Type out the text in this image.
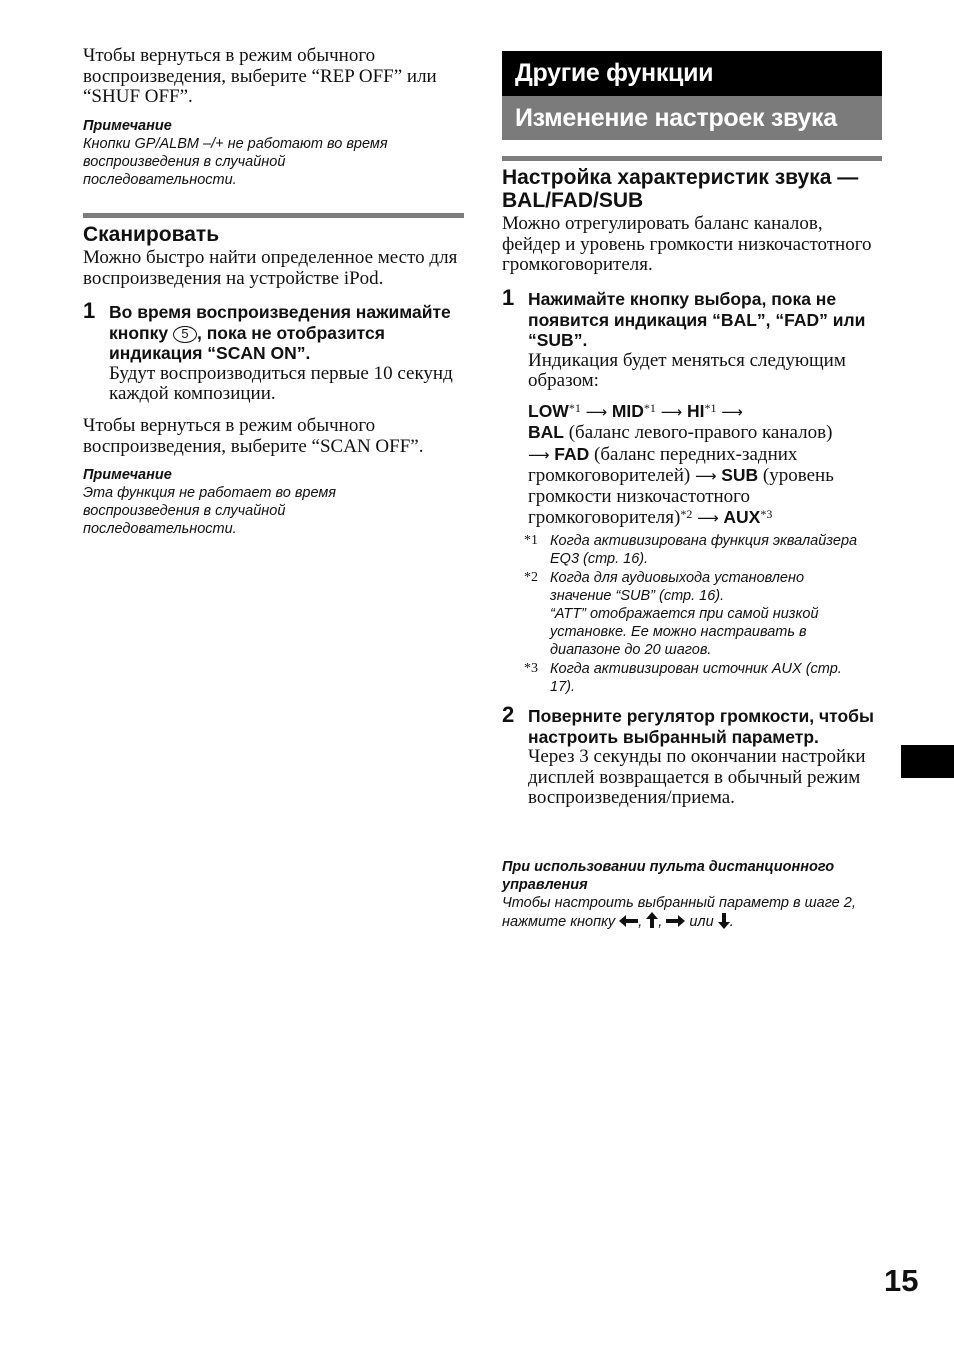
Чтобы вернуться в режим обычного воспроизведения, выберите “REP OFF” или “SHUF OFF”.

Примечание

Кнопки GP/ALBM –/+ не работают во время воспроизведения в случайной последовательности.

Сканировать

Можно быстро найти определенное место для воспроизведения на устройстве iPod.

1 Во время воспроизведения нажимайте кнопку 5 , пока не отобразится индикация “SCAN ON”.

Будут воспроизводиться первые 10 секунд каждой композиции.

Чтобы вернуться в режим обычного воспроизведения, выберите “SCAN OFF”.

Примечание

Эта функция не работает во время воспроизведения в случайной последовательности.

Другие функции
Изменение настроек звука

Настройка характеристик звука — BAL/FAD/SUB

Можно отрегулировать баланс каналов, фейдер и уровень громкости низкочастотного громкоговорителя.

1 Нажимайте кнопку выбора, пока не появится индикация “BAL”, “FAD” или “SUB”.

Индикация будет меняться следующим образом:

LOW$^{*1}$ ⟶ MID$^{*1}$ ⟶ HI$^{*1}$ ⟶
BAL (баланс левого-правого каналов)
⟶ FAD (баланс передних-задних громкоговорителей) ⟶ SUB (уровень громкости низкочастотного громкоговорителя)$^{*2}$ ⟶ AUX$^{*3}$

*1 Когда активизирована функция эквалайзера EQ3 (стр. 16).

*2 Когда для аудиовыхода установлено значение “SUB” (стр. 16).

“ATT” отображается при самой низкой установке. Ее можно настраивать в диапазоне до 20 шагов.

*3 Когда активизирован источник AUX (стр. 17).

2 Поверните регулятор громкости, чтобы настроить выбранный параметр.

Через 3 секунды по окончании настройки дисплей возвращается в обычный режим воспроизведения/приема.

При использовании пульта дистанционного управления

Чтобы настроить выбранный параметр в шаге 2, нажмите кнопку , ,  или .

15
